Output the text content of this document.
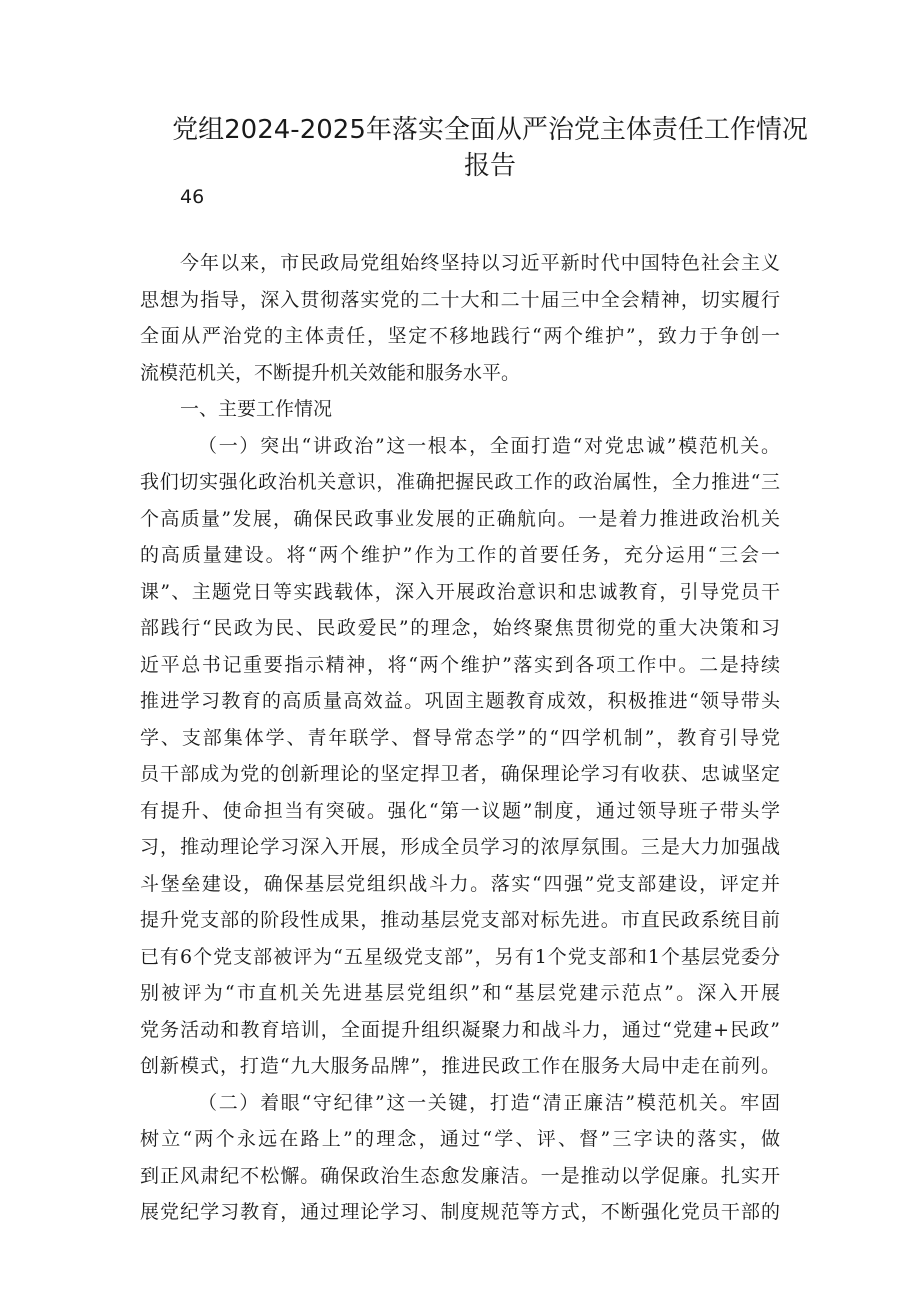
党组2024-2025年落实全面从严治党主体责任工作情况
报告
46
今年以来，市民政局党组始终坚持以习近平新时代中国特色社会主义
思想为指导，深入贯彻落实党的二十大和二十届三中全会精神，切实履行
全面从严治党的主体责任，坚定不移地践行“两个维护”，致力于争创一
流模范机关，不断提升机关效能和服务水平。
一、主要工作情况
（一）突出“讲政治”这一根本，全面打造“对党忠诚”模范机关。
我们切实强化政治机关意识，准确把握民政工作的政治属性，全力推进“三
个高质量”发展，确保民政事业发展的正确航向。一是着力推进政治机关
的高质量建设。将“两个维护”作为工作的首要任务，充分运用“三会一
课”、主题党日等实践载体，深入开展政治意识和忠诚教育，引导党员干
部践行“民政为民、民政爱民”的理念，始终聚焦贯彻党的重大决策和习
近平总书记重要指示精神，将“两个维护”落实到各项工作中。二是持续
推进学习教育的高质量高效益。巩固主题教育成效，积极推进“领导带头
学、支部集体学、青年联学、督导常态学”的“四学机制”，教育引导党
员干部成为党的创新理论的坚定捍卫者，确保理论学习有收获、忠诚坚定
有提升、使命担当有突破。强化“第一议题”制度，通过领导班子带头学
习，推动理论学习深入开展，形成全员学习的浓厚氛围。三是大力加强战
斗堡垒建设，确保基层党组织战斗力。落实“四强”党支部建设，评定并
提升党支部的阶段性成果，推动基层党支部对标先进。市直民政系统目前
已有6个党支部被评为“五星级党支部”，另有1个党支部和1个基层党委分
别被评为“市直机关先进基层党组织”和“基层党建示范点”。深入开展
党务活动和教育培训，全面提升组织凝聚力和战斗力，通过“党建+民政”
创新模式，打造“九大服务品牌”，推进民政工作在服务大局中走在前列。
（二）着眼“守纪律”这一关键，打造“清正廉洁”模范机关。牢固
树立“两个永远在路上”的理念，通过“学、评、督”三字诀的落实，做
到正风肃纪不松懈。确保政治生态愈发廉洁。一是推动以学促廉。扎实开
展党纪学习教育，通过理论学习、制度规范等方式，不断强化党员干部的
